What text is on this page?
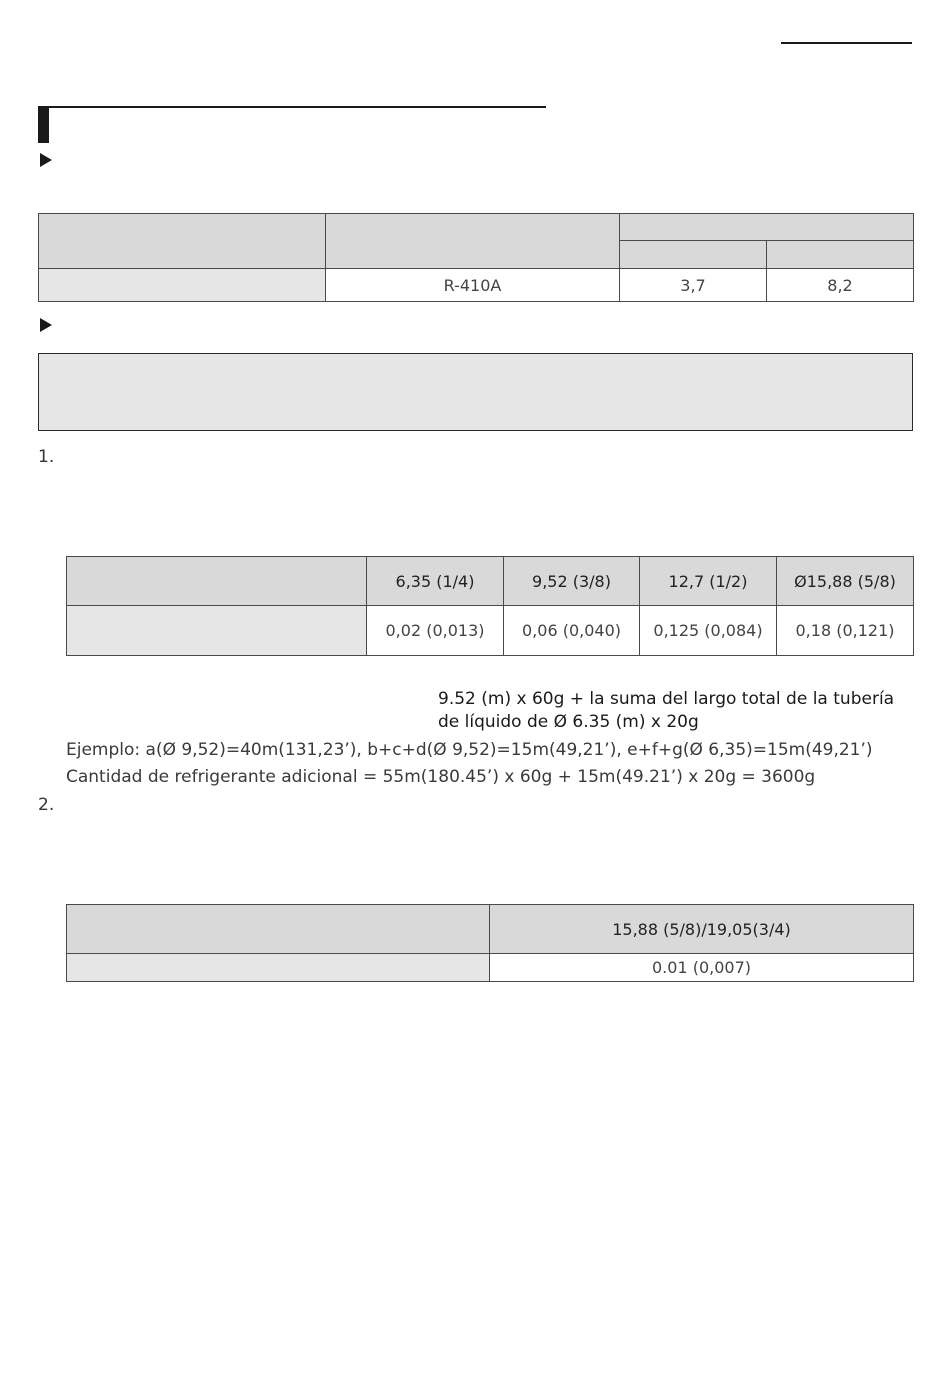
	R-410A	3,7	8,2
1.
	6,35 (1/4)	9,52 (3/8)	12,7 (1/2)	Ø15,88 (5/8)
	0,02 (0,013)	0,06 (0,040)	0,125 (0,084)	0,18 (0,121)
9.52 (m) x 60g + la suma del largo total de la tubería de líquido de Ø 6.35 (m) x 20g
Ejemplo: a(Ø 9,52)=40m(131,23’), b+c+d(Ø 9,52)=15m(49,21’), e+f+g(Ø 6,35)=15m(49,21’)
Cantidad de refrigerante adicional = 55m(180.45’) x 60g + 15m(49.21’) x 20g = 3600g
2.
	15,88 (5/8)/19,05(3/4)
	0.01 (0,007)
